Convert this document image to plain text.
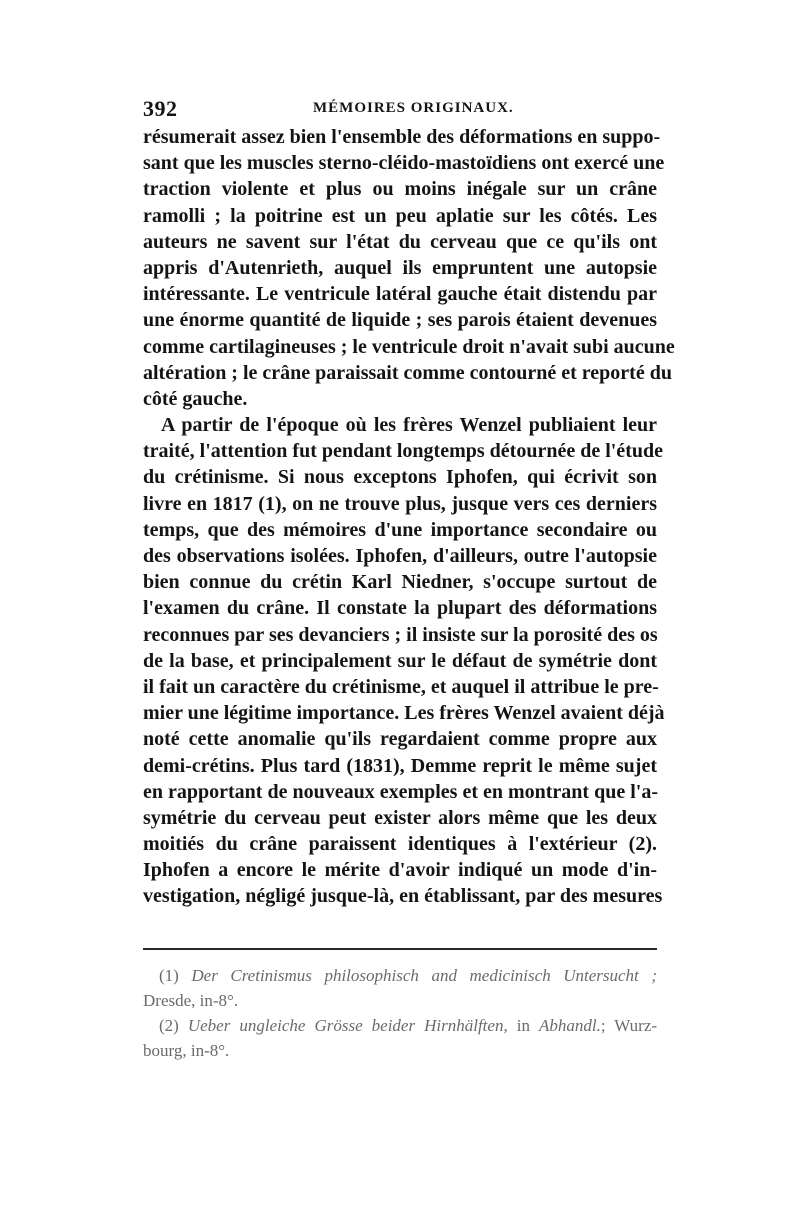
392	MÉMOIRES ORIGINAUX.
résumerait assez bien l'ensemble des déformations en suppo-
sant que les muscles sterno-cléido-mastoïdiens ont exercé une
traction violente et plus ou moins inégale sur un crâne
ramolli ; la poitrine est un peu aplatie sur les côtés. Les
auteurs ne savent sur l'état du cerveau que ce qu'ils ont
appris d'Autenrieth, auquel ils empruntent une autopsie
intéressante. Le ventricule latéral gauche était distendu par
une énorme quantité de liquide ; ses parois étaient devenues
comme cartilagineuses ; le ventricule droit n'avait subi aucune
altération ; le crâne paraissait comme contourné et reporté du
côté gauche.
A partir de l'époque où les frères Wenzel publiaient leur
traité, l'attention fut pendant longtemps détournée de l'étude
du crétinisme. Si nous exceptons Iphofen, qui écrivit son
livre en 1817 (1), on ne trouve plus, jusque vers ces derniers
temps, que des mémoires d'une importance secondaire ou
des observations isolées. Iphofen, d'ailleurs, outre l'autopsie
bien connue du crétin Karl Niedner, s'occupe surtout de
l'examen du crâne. Il constate la plupart des déformations
reconnues par ses devanciers ; il insiste sur la porosité des os
de la base, et principalement sur le défaut de symétrie dont
il fait un caractère du crétinisme, et auquel il attribue le pre-
mier une légitime importance. Les frères Wenzel avaient déjà
noté cette anomalie qu'ils regardaient comme propre aux
demi-crétins. Plus tard (1831), Demme reprit le même sujet
en rapportant de nouveaux exemples et en montrant que l'a-
symétrie du cerveau peut exister alors même que les deux
moitiés du crâne paraissent identiques à l'extérieur (2).
Iphofen a encore le mérite d'avoir indiqué un mode d'in-
vestigation, négligé jusque-là, en établissant, par des mesures
(1) Der Cretinismus philosophisch and medicinisch Untersucht ;
Dresde, in-8°.
(2) Ueber ungleiche Grösse beider Hirnhälften, in Abhandl.; Wurz-
bourg, in-8°.
